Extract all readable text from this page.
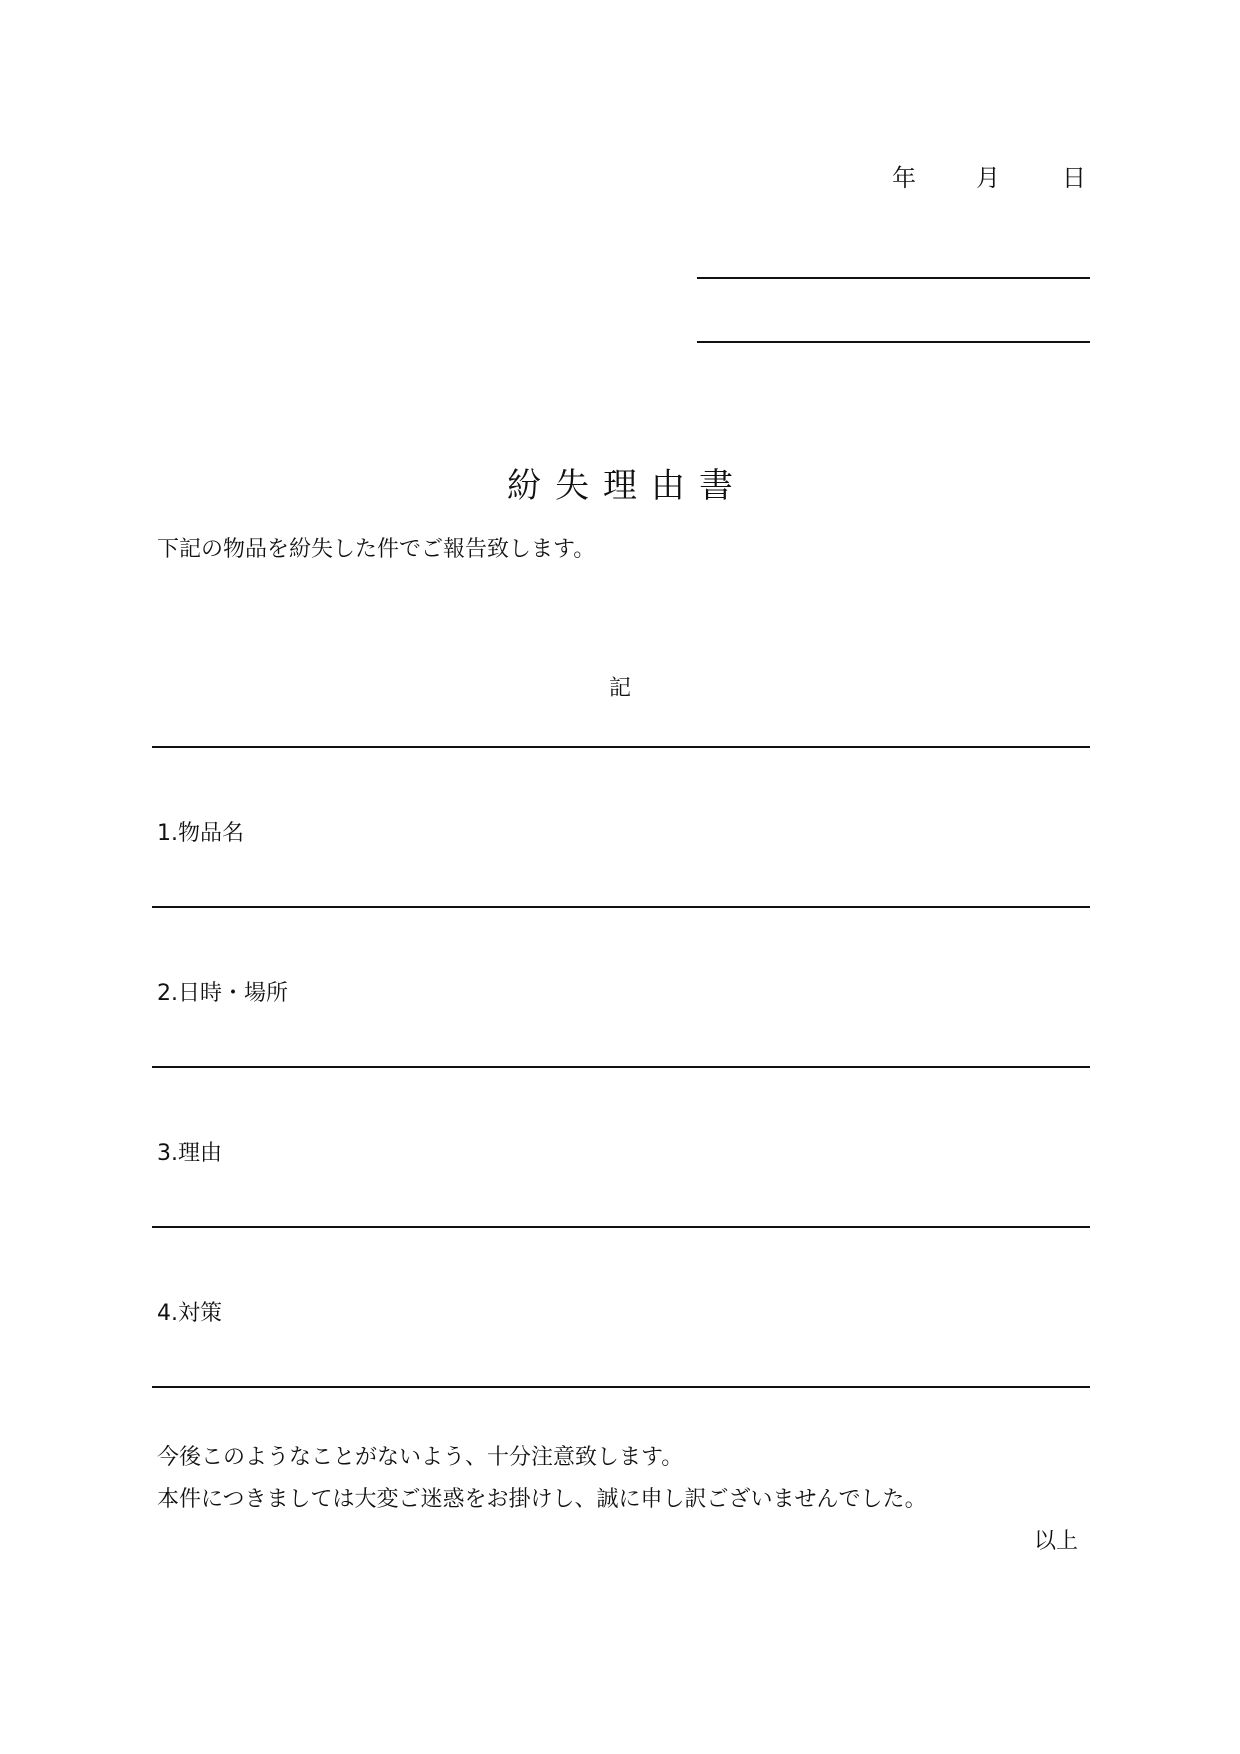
年	月	日
紛失理由書
下記の物品を紛失した件でご報告致します。
記
1.物品名
2.日時・場所
3.理由
4.対策
今後このようなことがないよう、十分注意致します。
本件につきましては大変ご迷惑をお掛けし、誠に申し訳ございませんでした。
以上
